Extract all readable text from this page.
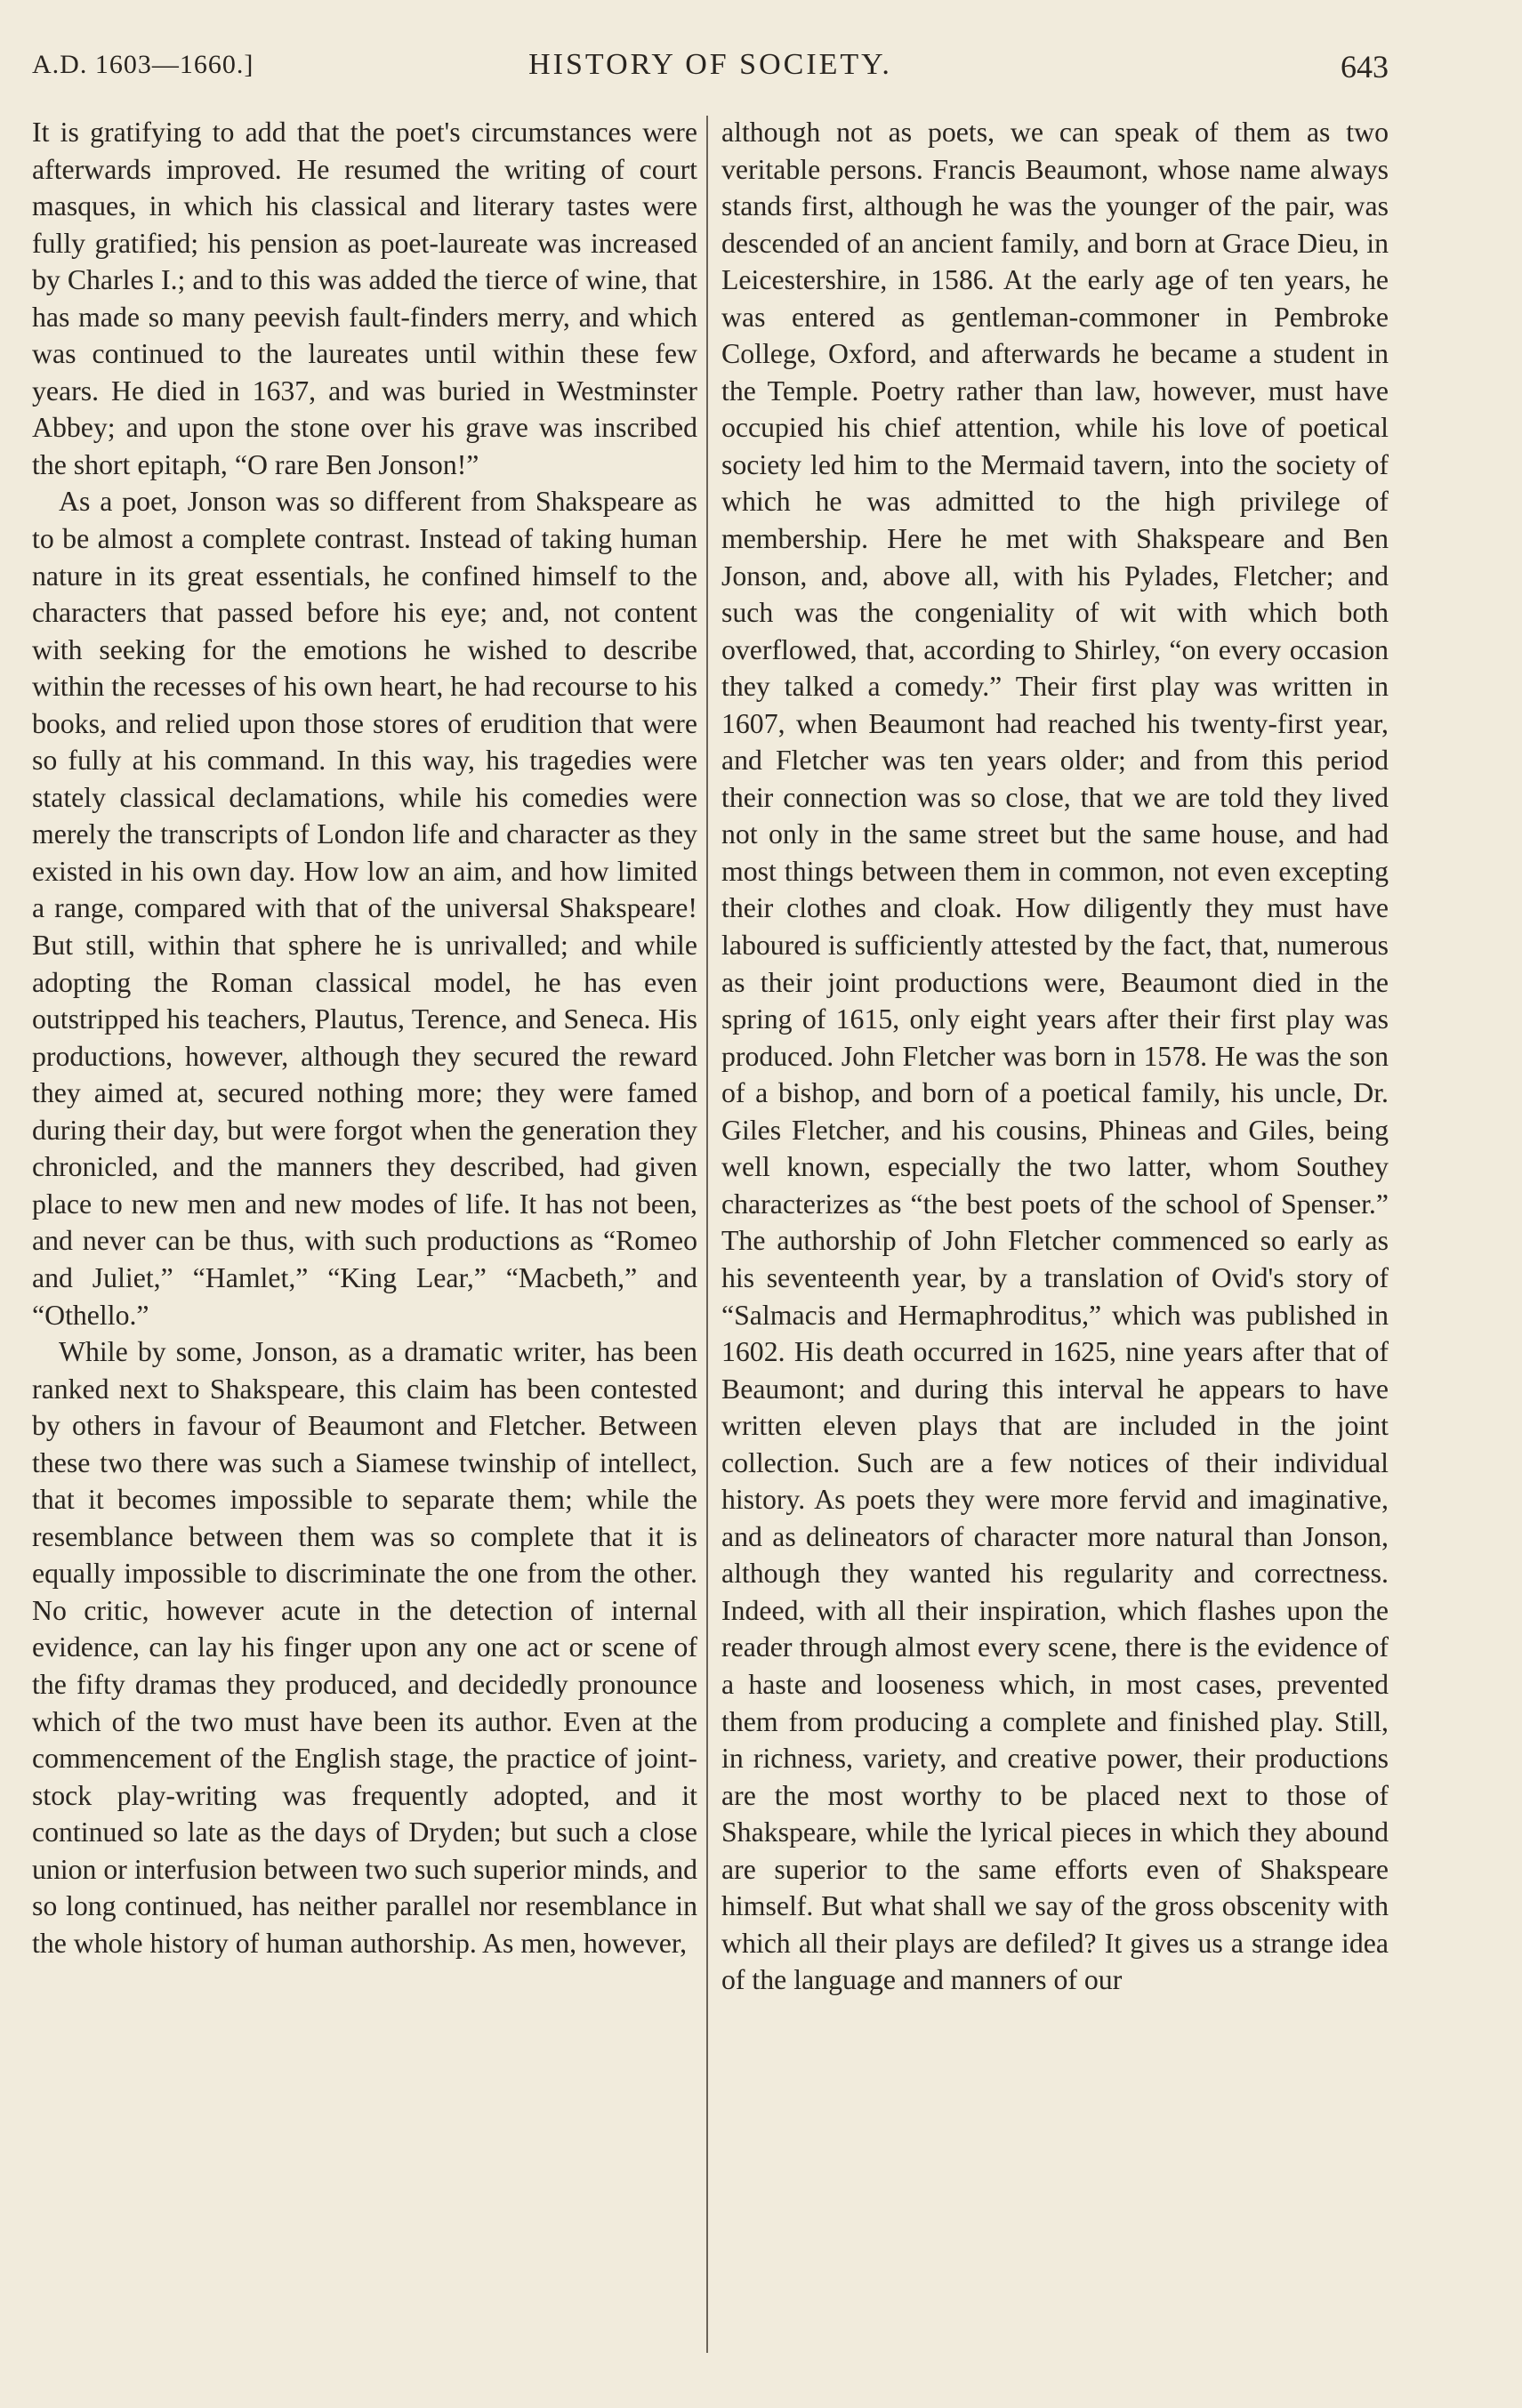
A.D. 1603—1660.]	HISTORY OF SOCIETY.	643

It is gratifying to add that the poet's circumstances were afterwards improved. He resumed the writing of court masques, in which his classical and literary tastes were fully gratified; his pension as poet-laureate was increased by Charles I.; and to this was added the tierce of wine, that has made so many peevish fault-finders merry, and which was continued to the laureates until within these few years. He died in 1637, and was buried in Westminster Abbey; and upon the stone over his grave was inscribed the short epitaph, “O rare Ben Jonson!”

As a poet, Jonson was so different from Shakspeare as to be almost a complete contrast. Instead of taking human nature in its great essentials, he confined himself to the characters that passed before his eye; and, not content with seeking for the emotions he wished to describe within the recesses of his own heart, he had recourse to his books, and relied upon those stores of erudition that were so fully at his command. In this way, his tragedies were stately classical declamations, while his comedies were merely the transcripts of London life and character as they existed in his own day. How low an aim, and how limited a range, compared with that of the universal Shakspeare! But still, within that sphere he is unrivalled; and while adopting the Roman classical model, he has even outstripped his teachers, Plautus, Terence, and Seneca. His productions, however, although they secured the reward they aimed at, secured nothing more; they were famed during their day, but were forgot when the generation they chronicled, and the manners they described, had given place to new men and new modes of life. It has not been, and never can be thus, with such productions as “Romeo and Juliet,” “Hamlet,” “King Lear,” “Macbeth,” and “Othello.”

While by some, Jonson, as a dramatic writer, has been ranked next to Shakspeare, this claim has been contested by others in favour of Beaumont and Fletcher. Between these two there was such a Siamese twinship of intellect, that it becomes impossible to separate them; while the resemblance between them was so complete that it is equally impossible to discriminate the one from the other. No critic, however acute in the detection of internal evidence, can lay his finger upon any one act or scene of the fifty dramas they produced, and decidedly pronounce which of the two must have been its author. Even at the commencement of the English stage, the practice of joint-stock play-writing was frequently adopted, and it continued so late as the days of Dryden; but such a close union or interfusion between two such superior minds, and so long continued, has neither parallel nor resemblance in the whole history of human authorship. As men, however,

although not as poets, we can speak of them as two veritable persons. Francis Beaumont, whose name always stands first, although he was the younger of the pair, was descended of an ancient family, and born at Grace Dieu, in Leicestershire, in 1586. At the early age of ten years, he was entered as gentleman-commoner in Pembroke College, Oxford, and afterwards he became a student in the Temple. Poetry rather than law, however, must have occupied his chief attention, while his love of poetical society led him to the Mermaid tavern, into the society of which he was admitted to the high privilege of membership. Here he met with Shakspeare and Ben Jonson, and, above all, with his Pylades, Fletcher; and such was the congeniality of wit with which both overflowed, that, according to Shirley, “on every occasion they talked a comedy.” Their first play was written in 1607, when Beaumont had reached his twenty-first year, and Fletcher was ten years older; and from this period their connection was so close, that we are told they lived not only in the same street but the same house, and had most things between them in common, not even excepting their clothes and cloak. How diligently they must have laboured is sufficiently attested by the fact, that, numerous as their joint productions were, Beaumont died in the spring of 1615, only eight years after their first play was produced. John Fletcher was born in 1578. He was the son of a bishop, and born of a poetical family, his uncle, Dr. Giles Fletcher, and his cousins, Phineas and Giles, being well known, especially the two latter, whom Southey characterizes as “the best poets of the school of Spenser.” The authorship of John Fletcher commenced so early as his seventeenth year, by a translation of Ovid's story of “Salmacis and Hermaphroditus,” which was published in 1602. His death occurred in 1625, nine years after that of Beaumont; and during this interval he appears to have written eleven plays that are included in the joint collection. Such are a few notices of their individual history. As poets they were more fervid and imaginative, and as delineators of character more natural than Jonson, although they wanted his regularity and correctness. Indeed, with all their inspiration, which flashes upon the reader through almost every scene, there is the evidence of a haste and looseness which, in most cases, prevented them from producing a complete and finished play. Still, in richness, variety, and creative power, their productions are the most worthy to be placed next to those of Shakspeare, while the lyrical pieces in which they abound are superior to the same efforts even of Shakspeare himself. But what shall we say of the gross obscenity with which all their plays are defiled? It gives us a strange idea of the language and manners of our
